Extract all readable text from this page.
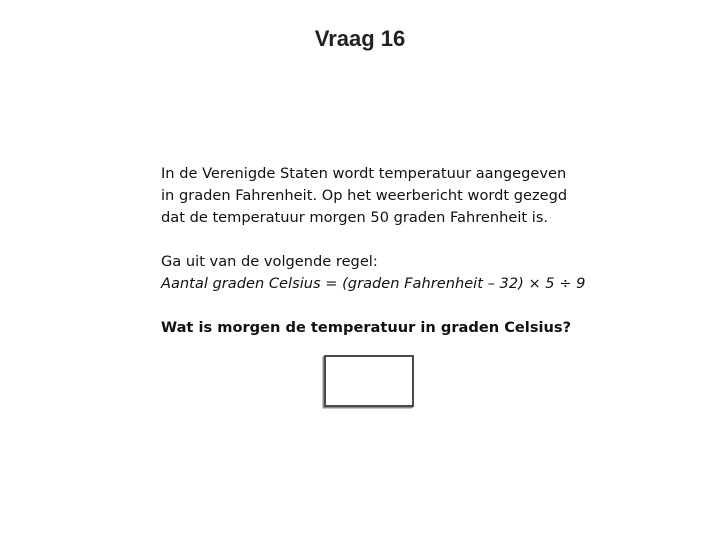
Vraag 16

In de Verenigde Staten wordt temperatuur aangegeven
in graden Fahrenheit. Op het weerbericht wordt gezegd
dat de temperatuur morgen 50 graden Fahrenheit is.

Ga uit van de volgende regel:
Aantal graden Celsius = (graden Fahrenheit – 32) × 5 ÷ 9

Wat is morgen de temperatuur in graden Celsius?
